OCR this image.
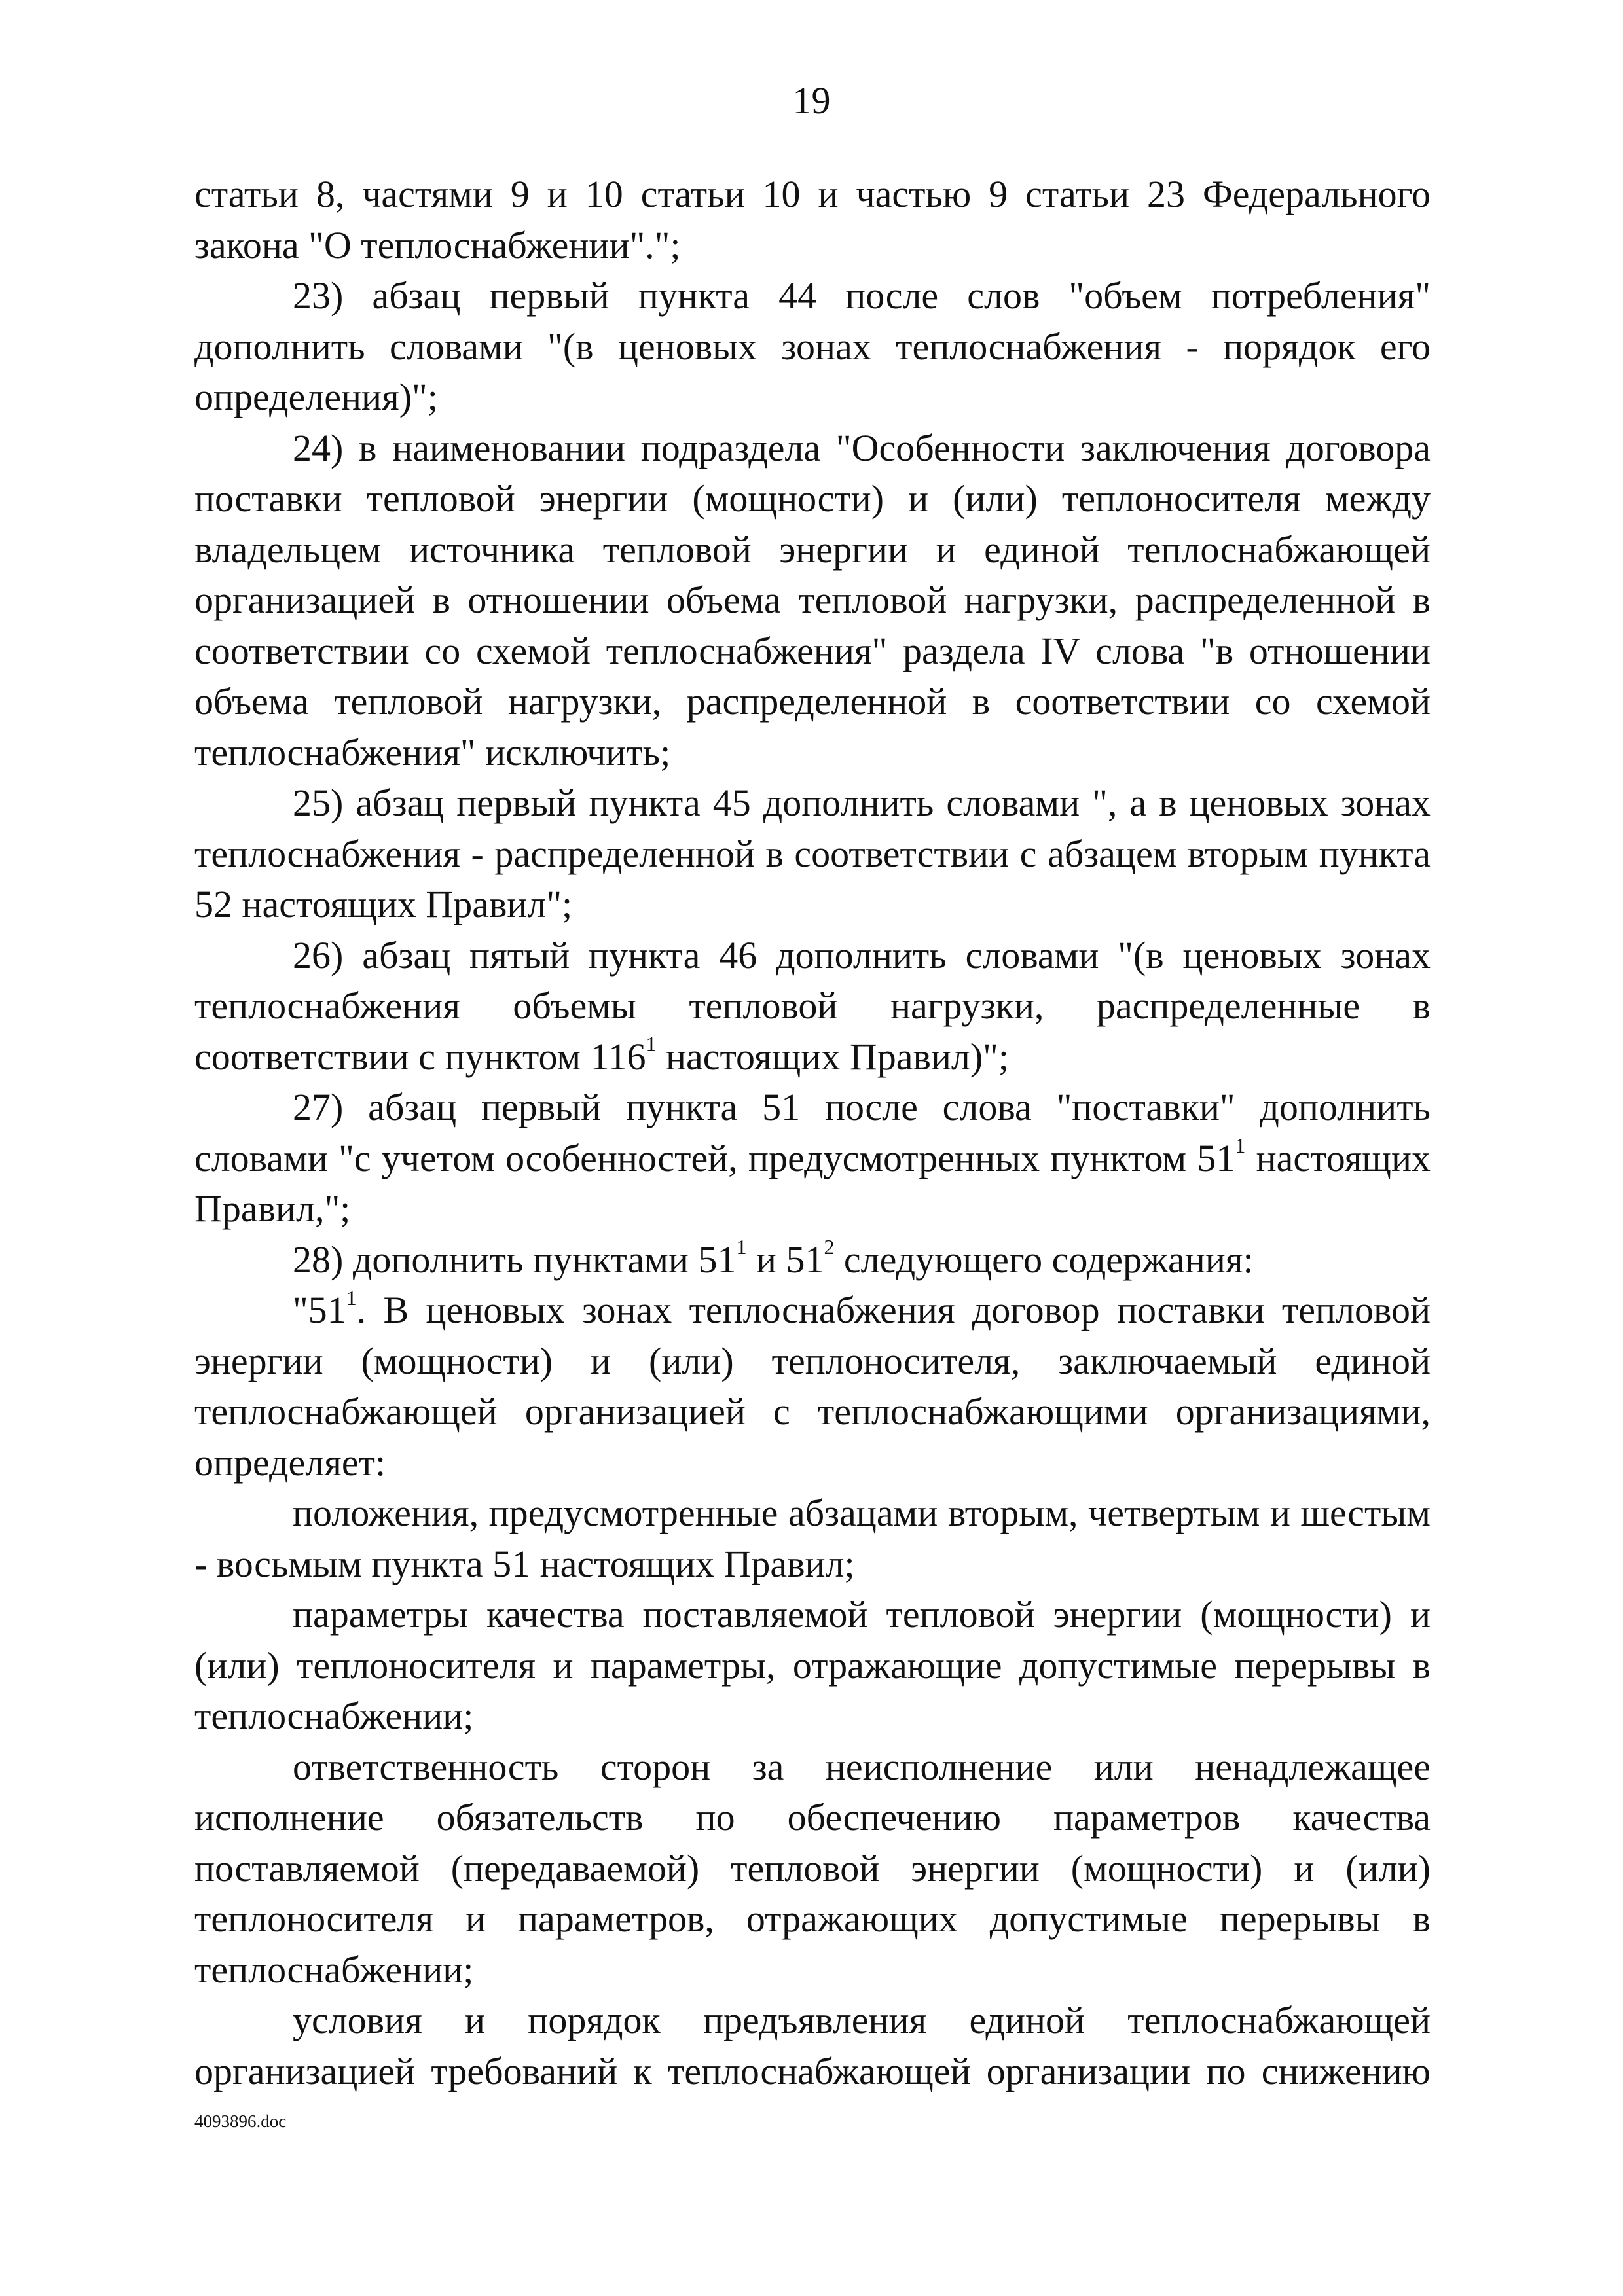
19

статьи 8, частями 9 и 10 статьи 10 и частью 9 статьи 23 Федерального закона "О теплоснабжении".";

23) абзац первый пункта 44 после слов "объем потребления" дополнить словами "(в ценовых зонах теплоснабжения - порядок его определения)";

24) в наименовании подраздела "Особенности заключения договора поставки тепловой энергии (мощности) и (или) теплоносителя между владельцем источника тепловой энергии и единой теплоснабжающей организацией в отношении объема тепловой нагрузки, распределенной в соответствии со схемой теплоснабжения" раздела IV слова "в отношении объема тепловой нагрузки, распределенной в соответствии со схемой теплоснабжения" исключить;

25) абзац первый пункта 45 дополнить словами ", а в ценовых зонах теплоснабжения - распределенной в соответствии с абзацем вторым пункта 52 настоящих Правил";

26) абзац пятый пункта 46 дополнить словами "(в ценовых зонах теплоснабжения объемы тепловой нагрузки, распределенные в соответствии с пунктом $116^1$ настоящих Правил)";

27) абзац первый пункта 51 после слова "поставки" дополнить словами "с учетом особенностей, предусмотренных пунктом $51^1$ настоящих Правил,";

28) дополнить пунктами $51^1$ и $51^2$ следующего содержания:

"$51^1$. В ценовых зонах теплоснабжения договор поставки тепловой энергии (мощности) и (или) теплоносителя, заключаемый единой теплоснабжающей организацией с теплоснабжающими организациями, определяет:

положения, предусмотренные абзацами вторым, четвертым и шестым - восьмым пункта 51 настоящих Правил;

параметры качества поставляемой тепловой энергии (мощности) и (или) теплоносителя и параметры, отражающие допустимые перерывы в теплоснабжении;

ответственность сторон за неисполнение или ненадлежащее исполнение обязательств по обеспечению параметров качества поставляемой (передаваемой) тепловой энергии (мощности) и (или) теплоносителя и параметров, отражающих допустимые перерывы в теплоснабжении;

условия и порядок предъявления единой теплоснабжающей организацией требований к теплоснабжающей организации по снижению

4093896.doc
